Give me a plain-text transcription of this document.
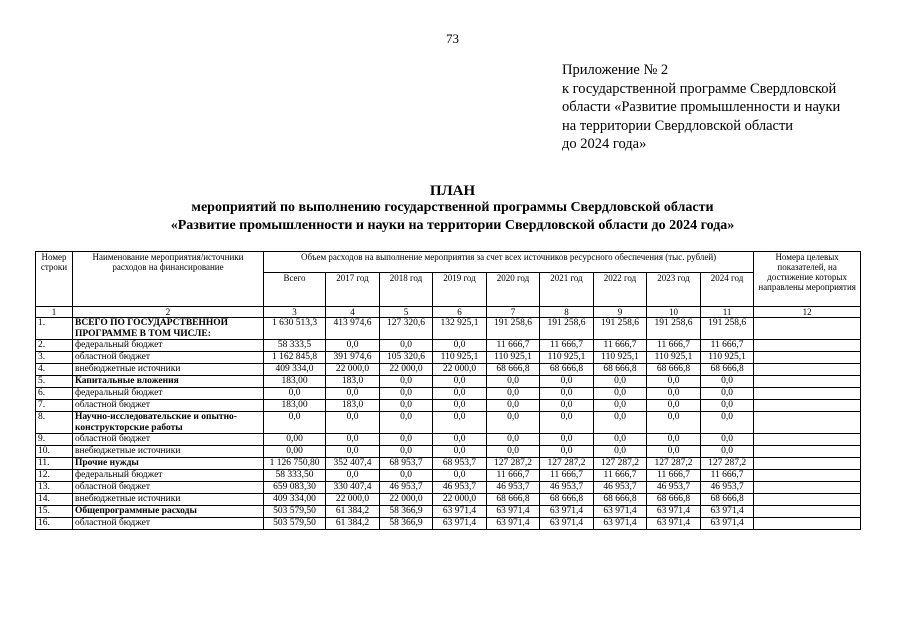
73
Приложение № 2
к государственной программе Свердловской
области «Развитие промышленности и науки
на территории Свердловской области
до 2024 года»
ПЛАН
мероприятий по выполнению государственной программы Свердловской области
«Развитие промышленности и науки на территории Свердловской области до 2024 года»
Номер строки	Наименование мероприятия/источники расходов на финансирование	Объем расходов на выполнение мероприятия за счет всех источников ресурсного обеспечения (тыс. рублей)									Номера целевых показателей, на достижение которых направлены мероприятия
		Всего	2017 год	2018 год	2019 год	2020 год	2021 год	2022 год	2023 год	2024 год	
1	2	3	4	5	6	7	8	9	10	11	12
1.	ВСЕГО ПО ГОСУДАРСТВЕННОЙ ПРОГРАММЕ В ТОМ ЧИСЛЕ:	1 630 513,3	413 974,6	127 320,6	132 925,1	191 258,6	191 258,6	191 258,6	191 258,6	191 258,6	
2.	федеральный бюджет	58 333,5	0,0	0,0	0,0	11 666,7	11 666,7	11 666,7	11 666,7	11 666,7	
3.	областной бюджет	1 162 845,8	391 974,6	105 320,6	110 925,1	110 925,1	110 925,1	110 925,1	110 925,1	110 925,1	
4.	внебюджетные источники	409 334,0	22 000,0	22 000,0	22 000,0	68 666,8	68 666,8	68 666,8	68 666,8	68 666,8	
5.	Капитальные вложения	183,00	183,0	0,0	0,0	0,0	0,0	0,0	0,0	0,0	
6.	федеральный бюджет	0,0	0,0	0,0	0,0	0,0	0,0	0,0	0,0	0,0	
7.	областной бюджет	183,00	183,0	0,0	0,0	0,0	0,0	0,0	0,0	0,0	
8.	Научно-исследовательские и опытно-конструкторские работы	0,0	0,0	0,0	0,0	0,0	0,0	0,0	0,0	0,0	
9.	областной бюджет	0,00	0,0	0,0	0,0	0,0	0,0	0,0	0,0	0,0	
10.	внебюджетные источники	0,00	0,0	0,0	0,0	0,0	0,0	0,0	0,0	0,0	
11.	Прочие нужды	1 126 750,80	352 407,4	68 953,7	68 953,7	127 287,2	127 287,2	127 287,2	127 287,2	127 287,2	
12.	федеральный бюджет	58 333,50	0,0	0,0	0,0	11 666,7	11 666,7	11 666,7	11 666,7	11 666,7	
13.	областной бюджет	659 083,30	330 407,4	46 953,7	46 953,7	46 953,7	46 953,7	46 953,7	46 953,7	46 953,7	
14.	внебюджетные источники	409 334,00	22 000,0	22 000,0	22 000,0	68 666,8	68 666,8	68 666,8	68 666,8	68 666,8	
15.	Общепрограммные расходы	503 579,50	61 384,2	58 366,9	63 971,4	63 971,4	63 971,4	63 971,4	63 971,4	63 971,4	
16.	областной бюджет	503 579,50	61 384,2	58 366,9	63 971,4	63 971,4	63 971,4	63 971,4	63 971,4	63 971,4	
